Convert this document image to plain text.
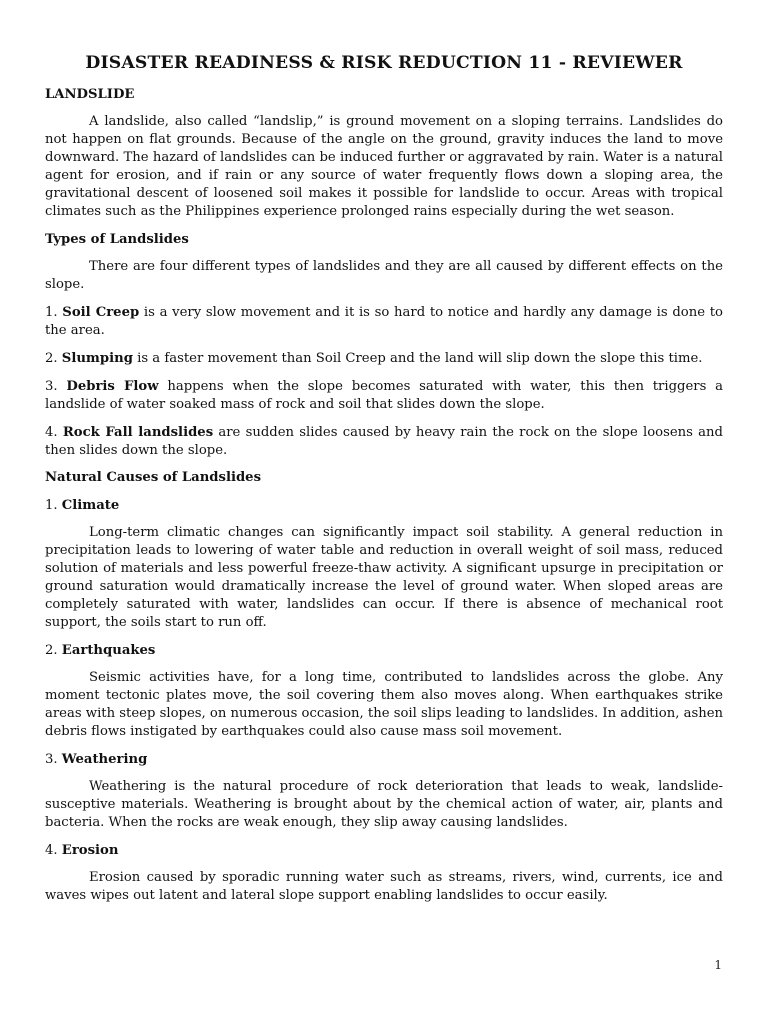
DISASTER READINESS & RISK REDUCTION 11 - REVIEWER

LANDSLIDE

A landslide, also called “landslip,” is ground movement on a sloping terrains. Landslides do not happen on flat grounds. Because of the angle on the ground, gravity induces the land to move downward. The hazard of landslides can be induced further or aggravated by rain. Water is a natural agent for erosion, and if rain or any source of water frequently flows down a sloping area, the gravitational descent of loosened soil makes it possible for landslide to occur. Areas with tropical climates such as the Philippines experience prolonged rains especially during the wet season.

Types of Landslides

There are four different types of landslides and they are all caused by different effects on the slope.

1. Soil Creep is a very slow movement and it is so hard to notice and hardly any damage is done to the area.

2. Slumping is a faster movement than Soil Creep and the land will slip down the slope this time.

3. Debris Flow happens when the slope becomes saturated with water, this then triggers a landslide of water soaked mass of rock and soil that slides down the slope.

4. Rock Fall landslides are sudden slides caused by heavy rain the rock on the slope loosens and then slides down the slope.

Natural Causes of Landslides

1. Climate

Long-term climatic changes can significantly impact soil stability. A general reduction in precipitation leads to lowering of water table and reduction in overall weight of soil mass, reduced solution of materials and less powerful freeze-thaw activity. A significant upsurge in precipitation or ground saturation would dramatically increase the level of ground water. When sloped areas are completely saturated with water, landslides can occur. If there is absence of mechanical root support, the soils start to run off.

2. Earthquakes

Seismic activities have, for a long time, contributed to landslides across the globe. Any moment tectonic plates move, the soil covering them also moves along. When earthquakes strike areas with steep slopes, on numerous occasion, the soil slips leading to landslides. In addition, ashen debris flows instigated by earthquakes could also cause mass soil movement.

3. Weathering

Weathering is the natural procedure of rock deterioration that leads to weak, landslide-susceptive materials. Weathering is brought about by the chemical action of water, air, plants and bacteria. When the rocks are weak enough, they slip away causing landslides.

4. Erosion

Erosion caused by sporadic running water such as streams, rivers, wind, currents, ice and waves wipes out latent and lateral slope support enabling landslides to occur easily.

1
